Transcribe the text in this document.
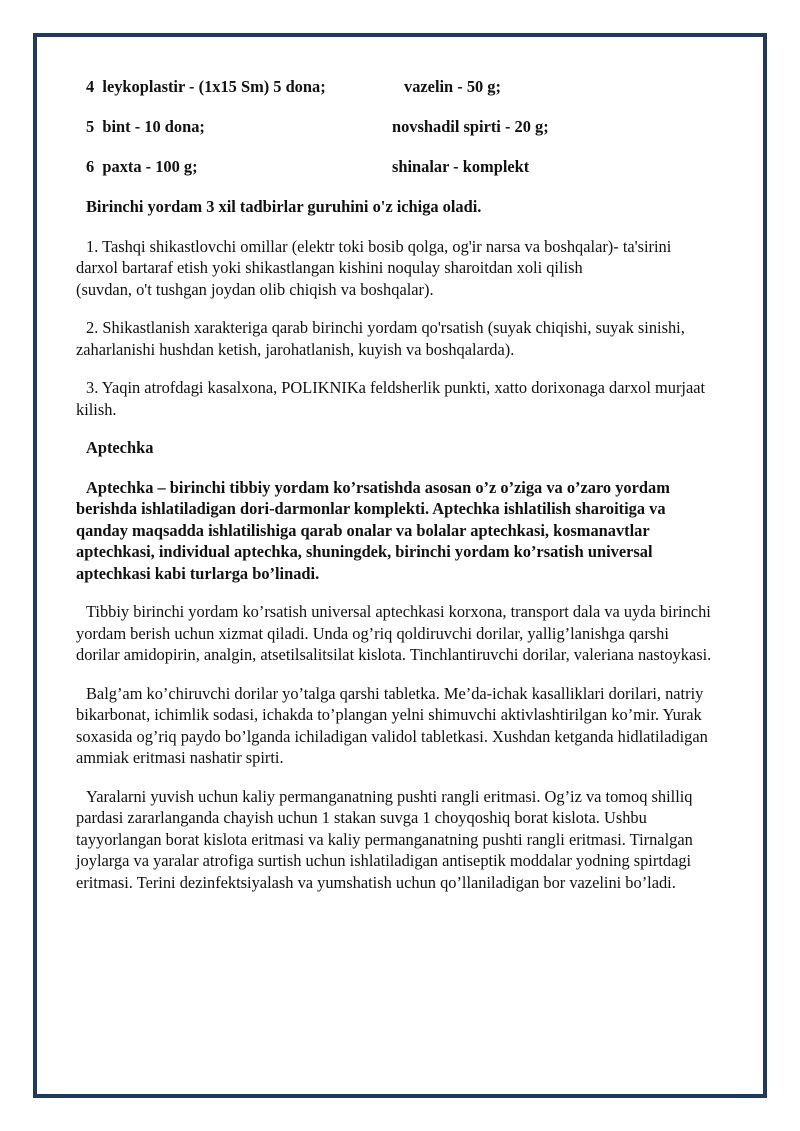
4  leykoplastir - (1x15 Sm) 5 dona;	vazelin - 50 g;
5  bint - 10 dona;	novshadil spirti - 20 g;
6  paxta - 100 g;	shinalar - komplekt
Birinchi yordam 3 xil tadbirlar guruhini o'z ichiga oladi.

1. Tashqi shikastlovchi omillar (elektr toki bosib qolga, og'ir narsa va boshqalar)- ta'sirini darxol bartaraf etish yoki shikastlangan kishini noqulay sharoitdan xoli qilish
(suvdan, o't tushgan joydan olib chiqish va boshqalar).

2. Shikastlanish xarakteriga qarab birinchi yordam qo'rsatish (suyak chiqishi, suyak sinishi, zaharlanishi hushdan ketish, jarohatlanish, kuyish va boshqalarda).

3. Yaqin atrofdagi kasalxona, POLIKNIKa feldsherlik punkti, xatto dorixonaga darxol murjaat kilish.

Aptechka

Aptechka – birinchi tibbiy yordam ko’rsatishda asosan o’z o’ziga va o’zaro yordam berishda ishlatiladigan dori-darmonlar komplekti. Aptechka ishlatilish sharoitiga va qanday maqsadda ishlatilishiga qarab onalar va bolalar aptechkasi, kosmanavtlar aptechkasi, individual aptechka, shuningdek, birinchi yordam ko’rsatish universal aptechkasi kabi turlarga bo’linadi.

Tibbiy birinchi yordam ko’rsatish universal aptechkasi korxona, transport dala va uyda birinchi yordam berish uchun xizmat qiladi. Unda og’riq qoldiruvchi dorilar, yallig’lanishga qarshi dorilar amidopirin, analgin, atsetilsalitsilat kislota. Tinchlantiruvchi dorilar, valeriana nastoykasi.

Balg’am ko’chiruvchi dorilar yo’talga qarshi tabletka. Me’da-ichak kasalliklari dorilari, natriy bikarbonat, ichimlik sodasi, ichakda to’plangan yelni shimuvchi aktivlashtirilgan ko’mir. Yurak soxasida og’riq paydo bo’lganda ichiladigan validol tabletkasi. Xushdan ketganda hidlatiladigan ammiak eritmasi nashatir spirti.

Yaralarni yuvish uchun kaliy permanganatning pushti rangli eritmasi. Og’iz va tomoq shilliq pardasi zararlanganda chayish uchun 1 stakan suvga 1 choyqoshiq borat kislota. Ushbu tayyorlangan borat kislota eritmasi va kaliy permanganatning pushti rangli eritmasi. Tirnalgan joylarga va yaralar atrofiga surtish uchun ishlatiladigan antiseptik moddalar yodning spirtdagi eritmasi. Terini dezinfektsiyalash va yumshatish uchun qo’llaniladigan bor vazelini bo’ladi.
